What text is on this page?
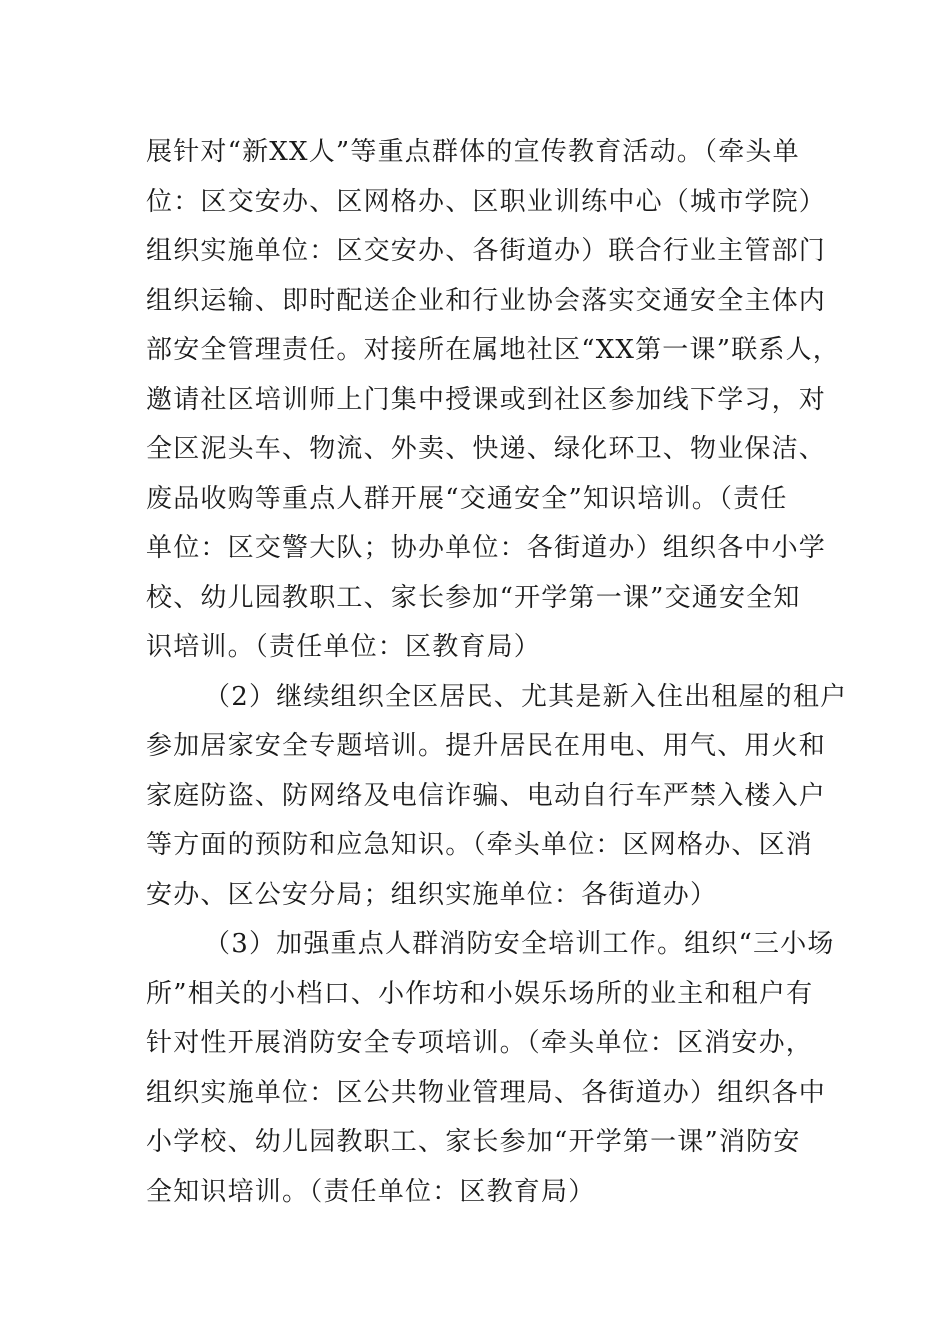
展针对“新XX人”等重点群体的宣传教育活动。（牵头单
位：区交安办、区网格办、区职业训练中心（城市学院）
组织实施单位：区交安办、各街道办）联合行业主管部门
组织运输、即时配送企业和行业协会落实交通安全主体内
部安全管理责任。对接所在属地社区“XX第一课”联系人，
邀请社区培训师上门集中授课或到社区参加线下学习，对
全区泥头车、物流、外卖、快递、绿化环卫、物业保洁、
废品收购等重点人群开展“交通安全”知识培训。（责任
单位：区交警大队；协办单位：各街道办）组织各中小学
校、幼儿园教职工、家长参加“开学第一课”交通安全知
识培训。（责任单位：区教育局）
（2）继续组织全区居民、尤其是新入住出租屋的租户
参加居家安全专题培训。提升居民在用电、用气、用火和
家庭防盗、防网络及电信诈骗、电动自行车严禁入楼入户
等方面的预防和应急知识。（牵头单位：区网格办、区消
安办、区公安分局；组织实施单位：各街道办）
（3）加强重点人群消防安全培训工作。组织“三小场
所”相关的小档口、小作坊和小娱乐场所的业主和租户有
针对性开展消防安全专项培训。（牵头单位：区消安办，
组织实施单位：区公共物业管理局、各街道办）组织各中
小学校、幼儿园教职工、家长参加“开学第一课”消防安
全知识培训。（责任单位：区教育局）
